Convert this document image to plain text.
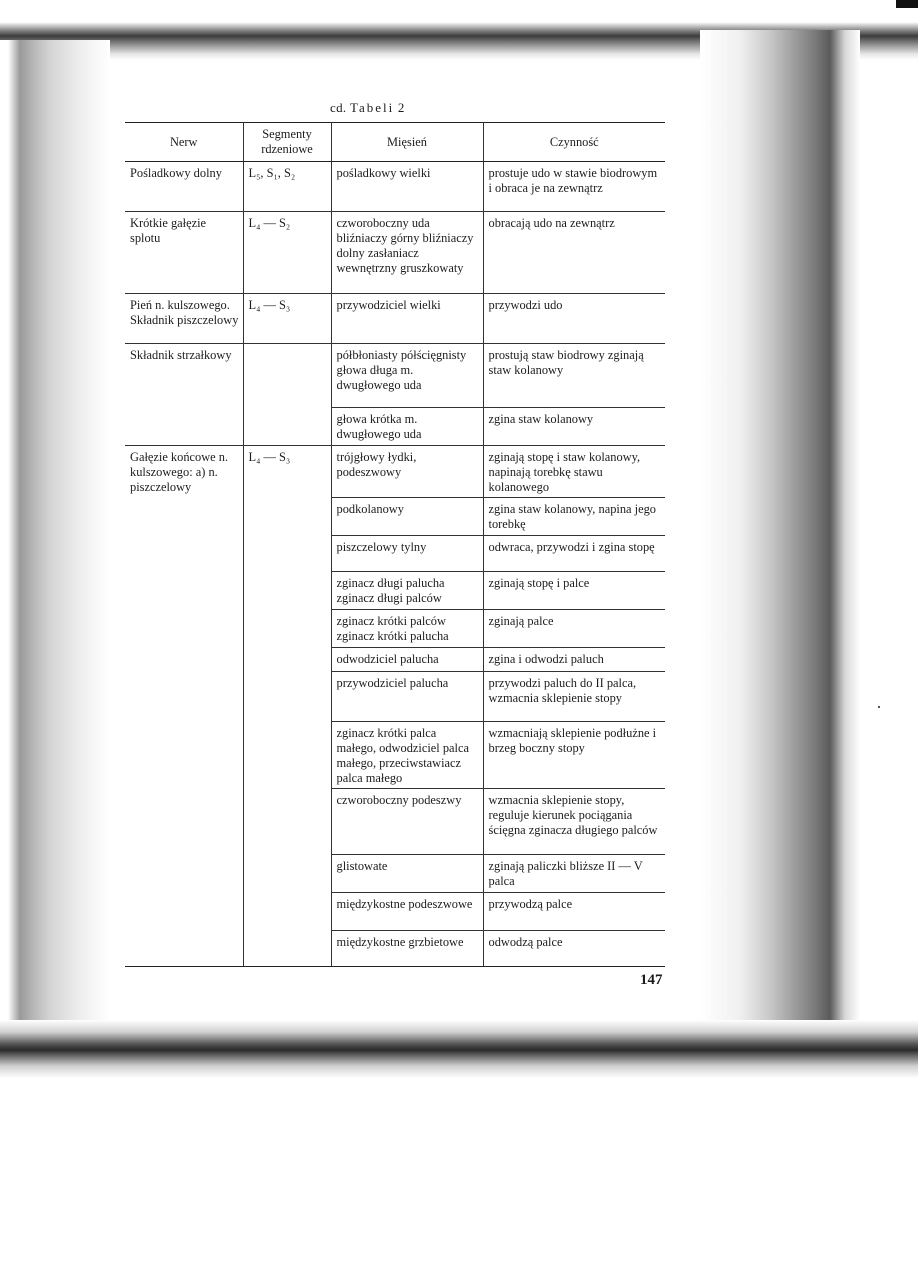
cd. Tabeli 2
Nerw	Segmenty rdzeniowe	Mięsień	Czynność
Pośladkowy dolny	L₅, S₁, S₂	pośladkowy wielki	prostuje udo w stawie biodrowym i obraca je na zewnątrz
Krótkie gałęzie splotu	L₄ — S₂	czworoboczny uda bliźniaczy górny bliźniaczy dolny zasłaniacz wewnętrzny gruszkowaty	obracają udo na zewnątrz
Pień n. kulszowego. Składnik piszczelowy	L₄ — S₃	przywodziciel wielki	przywodzi udo
Składnik strzałkowy		półbłoniasty półścięgnisty głowa długa m. dwugłowego uda	prostują staw biodrowy zginają staw kolanowy
		głowa krótka m. dwugłowego uda	zgina staw kolanowy
Gałęzie końcowe n. kulszowego: a) n. piszczelowy	L₄ — S₃	trójgłowy łydki, podeszwowy	zginają stopę i staw kolanowy, napinają torebkę stawu kolanowego
		podkolanowy	zgina staw kolanowy, napina jego torebkę
		piszczelowy tylny	odwraca, przywodzi i zgina stopę
		zginacz długi palucha zginacz długi palców	zginają stopę i palce
		zginacz krótki palców zginacz krótki palucha	zginają palce
		odwodziciel palucha	zgina i odwodzi paluch
		przywodziciel palucha	przywodzi paluch do II palca, wzmacnia sklepienie stopy
		zginacz krótki palca małego, odwodziciel palca małego, przeciwstawiacz palca małego	wzmacniają sklepienie podłużne i brzeg boczny stopy
		czworoboczny podeszwy	wzmacnia sklepienie stopy, reguluje kierunek pociągania ścięgna zginacza długiego palców
		glistowate	zginają paliczki bliższe II — V palca
		międzykostne podeszwowe	przywodzą palce
		międzykostne grzbietowe	odwodzą palce
147
